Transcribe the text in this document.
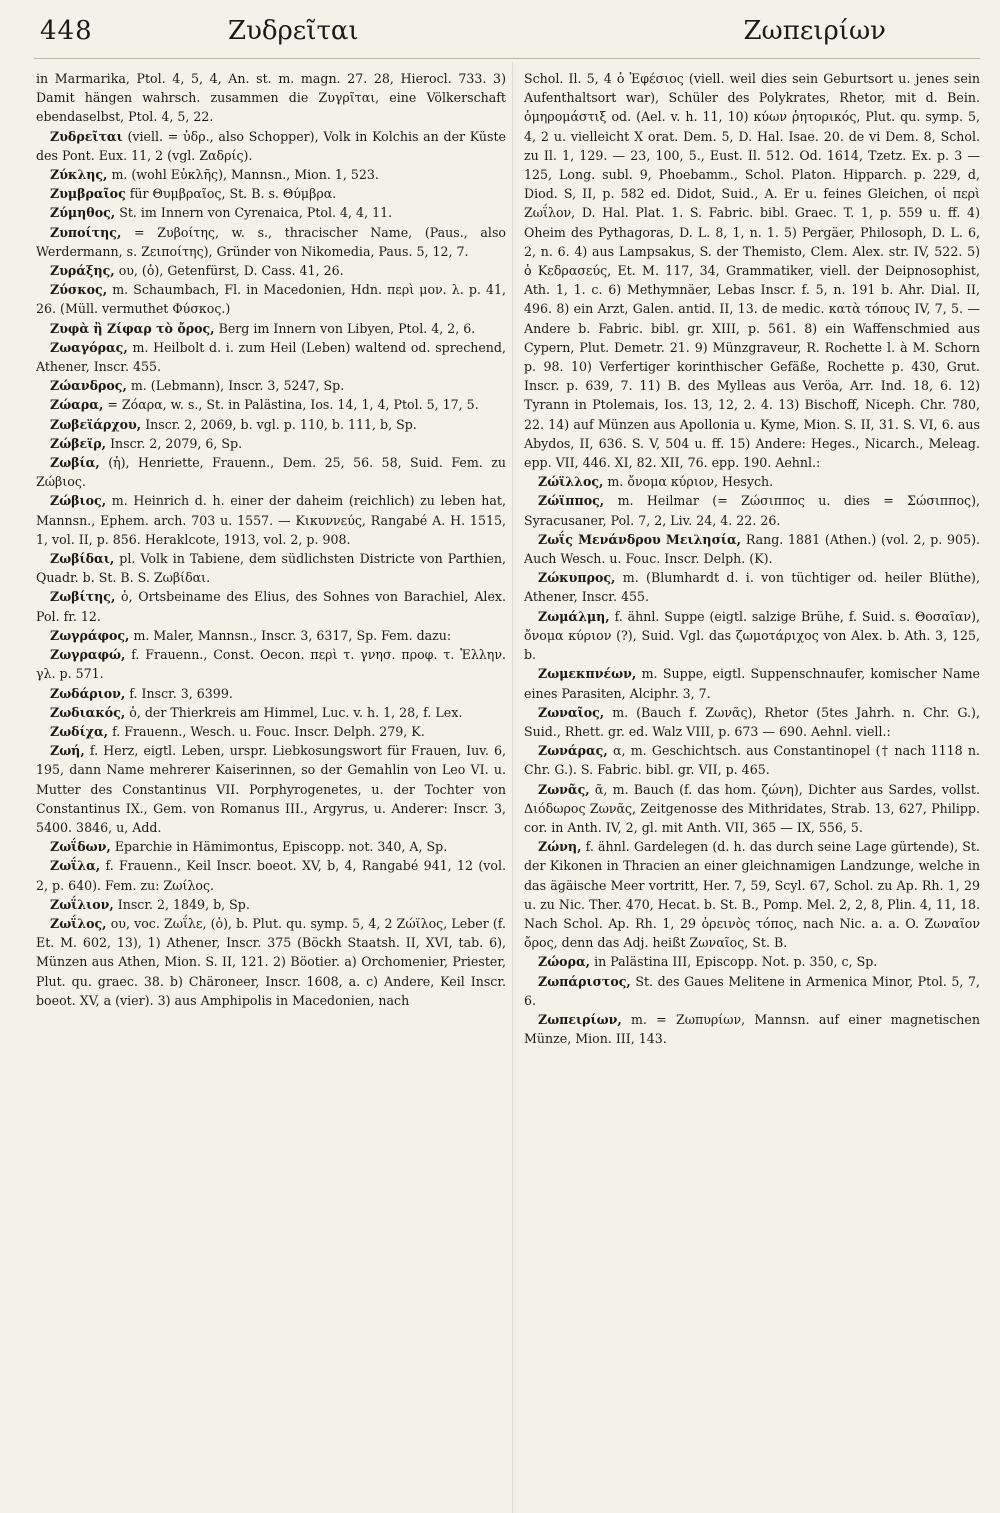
448	Ζυδρεῖται	Ζωπειρίων

in Marmarika, Ptol. 4, 5, 4, An. st. m. magn. 27. 28, Hierocl. 733. 3) Damit hängen wahrsch. zusammen die Ζυγρῖται, eine Völkerschaft ebendaselbst, Ptol. 4, 5, 22.

Ζυδρεῖται (viell. = ὑδρ., also Schopper), Volk in Kolchis an der Küste des Pont. Eux. 11, 2 (vgl. Ζαδρίς).

Ζύκλης, m. (wohl Εὐκλῆς), Mannsn., Mion. 1, 523.

Ζυμβραῖος für Θυμβραῖος, St. B. s. Θύμβρα.

Ζύμηθος, St. im Innern von Cyrenaica, Ptol. 4, 4, 11.

Ζυποίτης, = Ζυβοίτης, w. s., thracischer Name, (Paus., also Werdermann, s. Ζειποίτης), Gründer von Nikomedia, Paus. 5, 12, 7.

Ζυράξης, ου, (ὁ), Getenfürst, D. Cass. 41, 26.

Ζύσκος, m. Schaumbach, Fl. in Macedonien, Hdn. περὶ μον. λ. p. 41, 26. (Müll. vermuthet Φύσκος.)

Ζυφὰ ἢ Ζίφαρ τὸ ὄρος, Berg im Innern von Libyen, Ptol. 4, 2, 6.

Ζωαγόρας, m. Heilbolt d. i. zum Heil (Leben) waltend od. sprechend, Athener, Inscr. 455.

Ζώανδρος, m. (Lebmann), Inscr. 3, 5247, Sp.

Ζώαρα, = Ζόαρα, w. s., St. in Palästina, Ios. 14, 1, 4, Ptol. 5, 17, 5.

Ζωβεϊάρχου, Inscr. 2, 2069, b. vgl. p. 110, b. 111, b, Sp.

Ζώβεϊρ, Inscr. 2, 2079, 6, Sp.

Ζωβία, (ἡ), Henriette, Frauenn., Dem. 25, 56. 58, Suid. Fem. zu Ζώβιος.

Ζώβιος, m. Heinrich d. h. einer der daheim (reichlich) zu leben hat, Mannsn., Ephem. arch. 703 u. 1557. — Κικυννεύς, Rangabé A. H. 1515, 1, vol. II, p. 856. Heraklcote, 1913, vol. 2, p. 908.

Ζωβίδαι, pl. Volk in Tabiene, dem südlichsten Districte von Parthien, Quadr. b. St. B. S. Ζωβίδαι.

Ζωβίτης, ὁ, Ortsbeiname des Elius, des Sohnes von Barachiel, Alex. Pol. fr. 12.

Ζωγράφος, m. Maler, Mannsn., Inscr. 3, 6317, Sp. Fem. dazu:

Ζωγραφώ, f. Frauenn., Const. Oecon. περὶ τ. γνησ. προφ. τ. Ἑλλην. γλ. p. 571.

Ζωδάριον, f. Inscr. 3, 6399.

Ζωδιακός, ὁ, der Thierkreis am Himmel, Luc. v. h. 1, 28, f. Lex.

Ζωδίχα, f. Frauenn., Wesch. u. Fouc. Inscr. Delph. 279, K.

Ζωή, f. Herz, eigtl. Leben, urspr. Liebkosungswort für Frauen, Iuv. 6, 195, dann Name mehrerer Kaiserinnen, so der Gemahlin von Leo VI. u. Mutter des Constantinus VII. Porphyrogenetes, u. der Tochter von Constantinus IX., Gem. von Romanus III., Argyrus, u. Anderer: Inscr. 3, 5400. 3846, u, Add.

Ζωΐδων, Eparchie in Hämimontus, Episcopp. not. 340, A, Sp.

Ζωΐλα, f. Frauenn., Keil Inscr. boeot. XV, b, 4, Rangabé 941, 12 (vol. 2, p. 640). Fem. zu: Ζωίλος.

Ζωΐλιον, Inscr. 2, 1849, b, Sp.

Ζωΐλος, ου, voc. Ζωΐλε, (ὁ), b. Plut. qu. symp. 5, 4, 2 Ζώϊλος, Leber (f. Et. M. 602, 13), 1) Athener, Inscr. 375 (Böckh Staatsh. II, XVI, tab. 6), Münzen aus Athen, Mion. S. II, 121. 2) Böotier. a) Orchomenier, Priester, Plut. qu. graec. 38. b) Chäroneer, Inscr. 1608, a. c) Andere, Keil Inscr. boeot. XV, a (vier). 3) aus Amphipolis in Macedonien, nach

Schol. Il. 5, 4 ὁ Ἐφέσιος (viell. weil dies sein Geburtsort u. jenes sein Aufenthaltsort war), Schüler des Polykrates, Rhetor, mit d. Bein. ὁμηρομάστιξ od. (Ael. v. h. 11, 10) κύων ῥητορικός, Plut. qu. symp. 5, 4, 2 u. vielleicht X orat. Dem. 5, D. Hal. Isae. 20. de vi Dem. 8, Schol. zu Il. 1, 129. — 23, 100, 5., Eust. Il. 512. Od. 1614, Tzetz. Ex. p. 3 — 125, Long. subl. 9, Phoebamm., Schol. Platon. Hipparch. p. 229, d, Diod. S, II, p. 582 ed. Didot, Suid., A. Er u. feines Gleichen, οἱ περὶ Ζωΐλον, D. Hal. Plat. 1. S. Fabric. bibl. Graec. T. 1, p. 559 u. ff. 4) Oheim des Pythagoras, D. L. 8, 1, n. 1. 5) Pergäer, Philosoph, D. L. 6, 2, n. 6. 4) aus Lampsakus, S. der Themisto, Clem. Alex. str. IV, 522. 5) ὁ Κεδρασεύς, Et. M. 117, 34, Grammatiker, viell. der Deipnosophist, Ath. 1, 1. c. 6) Methymnäer, Lebas Inscr. f. 5, n. 191 b. Ahr. Dial. II, 496. 8) ein Arzt, Galen. antid. II, 13. de medic. κατὰ τόπους IV, 7, 5. — Andere b. Fabric. bibl. gr. XIII, p. 561. 8) ein Waffenschmied aus Cypern, Plut. Demetr. 21. 9) Münzgraveur, R. Rochette l. à M. Schorn p. 98. 10) Verfertiger korinthischer Gefäße, Rochette p. 430, Grut. Inscr. p. 639, 7. 11) B. des Mylleas aus Veröa, Arr. Ind. 18, 6. 12) Tyrann in Ptolemais, Ios. 13, 12, 2. 4. 13) Bischoff, Niceph. Chr. 780, 22. 14) auf Münzen aus Apollonia u. Kyme, Mion. S. II, 31. S. VI, 6. aus Abydos, II, 636. S. V, 504 u. ff. 15) Andere: Heges., Nicarch., Meleag. epp. VII, 446. XI, 82. XII, 76. epp. 190. Aehnl.:

Ζώϊλλος, m. ὄνομα κύριον, Hesych.

Ζώϊππος, m. Heilmar (= Ζώσιππος u. dies = Σώσιππος), Syracusaner, Pol. 7, 2, Liv. 24, 4. 22. 26.

Ζωΐς Μενάνδρου Μειλησία, Rang. 1881 (Athen.) (vol. 2, p. 905). Auch Wesch. u. Fouc. Inscr. Delph. (K).

Ζώκυπρος, m. (Blumhardt d. i. von tüchtiger od. heiler Blüthe), Athener, Inscr. 455.

Ζωμάλμη, f. ähnl. Suppe (eigtl. salzige Brühe, f. Suid. s. Θοσαῖαν), ὄνομα κύριον (?), Suid. Vgl. das ζωμοτάριχος von Alex. b. Ath. 3, 125, b.

Ζωμεκπνέων, m. Suppe, eigtl. Suppenschnaufer, komischer Name eines Parasiten, Alciphr. 3, 7.

Ζωναῖος, m. (Bauch f. Ζωνᾶς), Rhetor (5tes Jahrh. n. Chr. G.), Suid., Rhett. gr. ed. Walz VIII, p. 673 — 690. Aehnl. viell.:

Ζωνάρας, α, m. Geschichtsch. aus Constantinopel († nach 1118 n. Chr. G.). S. Fabric. bibl. gr. VII, p. 465.

Ζωνᾶς, ᾶ, m. Bauch (f. das hom. ζώνη), Dichter aus Sardes, vollst. Διόδωρος Ζωνᾶς, Zeitgenosse des Mithridates, Strab. 13, 627, Philipp. cor. in Anth. IV, 2, gl. mit Anth. VII, 365 — IX, 556, 5.

Ζώνη, f. ähnl. Gardelegen (d. h. das durch seine Lage gürtende), St. der Kikonen in Thracien an einer gleichnamigen Landzunge, welche in das ägäische Meer vortritt, Her. 7, 59, Scyl. 67, Schol. zu Ap. Rh. 1, 29 u. zu Nic. Ther. 470, Hecat. b. St. B., Pomp. Mel. 2, 2, 8, Plin. 4, 11, 18. Nach Schol. Ap. Rh. 1, 29 ὀρεινὸς τόπος, nach Nic. a. a. O. Ζωναῖον ὄρος, denn das Adj. heißt Ζωναῖος, St. B.

Ζώορα, in Palästina III, Episcopp. Not. p. 350, c, Sp.

Ζωπάριστος, St. des Gaues Melitene in Armenica Minor, Ptol. 5, 7, 6.

Ζωπειρίων, m. = Ζωπυρίων, Mannsn. auf einer magnetischen Münze, Mion. III, 143.
